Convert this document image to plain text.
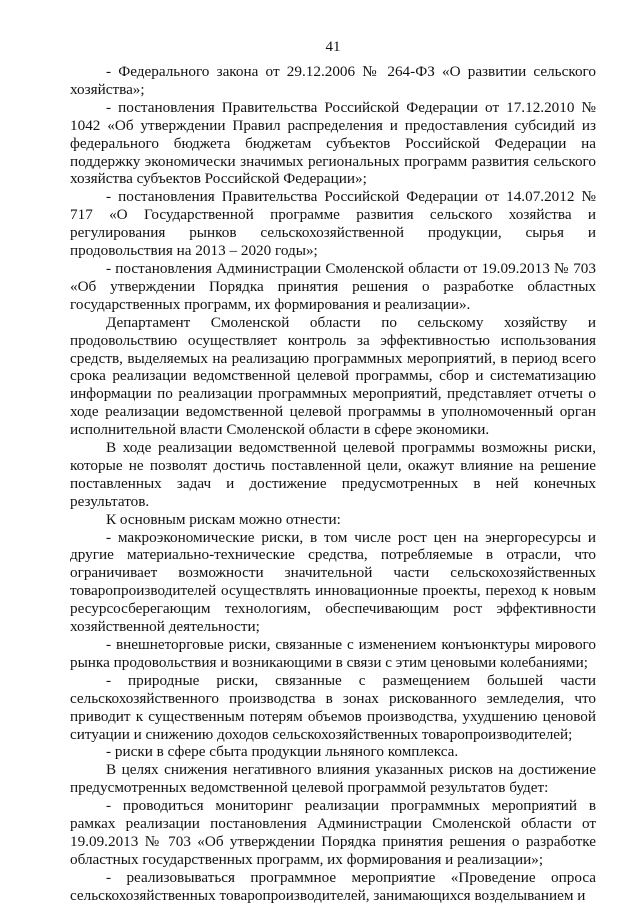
41

- Федерального закона от 29.12.2006 № 264-ФЗ «О развитии сельского хозяйства»;

- постановления Правительства Российской Федерации от 17.12.2010 № 1042 «Об утверждении Правил распределения и предоставления субсидий из федерального бюджета бюджетам субъектов Российской Федерации на поддержку экономически значимых региональных программ развития сельского хозяйства субъектов Российской Федерации»;

- постановления Правительства Российской Федерации от 14.07.2012 № 717 «О Государственной программе развития сельского хозяйства и регулирования рынков сельскохозяйственной продукции, сырья и продовольствия на 2013 – 2020 годы»;

- постановления Администрации Смоленской области от 19.09.2013 № 703 «Об утверждении Порядка принятия решения о разработке областных государственных программ, их формирования и реализации».

Департамент Смоленской области по сельскому хозяйству и продовольствию осуществляет контроль за эффективностью использования средств, выделяемых на реализацию программных мероприятий, в период всего срока реализации ведомственной целевой программы, сбор и систематизацию информации по реализации программных мероприятий, представляет отчеты о ходе реализации ведомственной целевой программы в уполномоченный орган исполнительной власти Смоленской области в сфере экономики.

В ходе реализации ведомственной целевой программы возможны риски, которые не позволят достичь поставленной цели, окажут влияние на решение поставленных задач и достижение предусмотренных в ней конечных результатов.

К основным рискам можно отнести:

- макроэкономические риски, в том числе рост цен на энергоресурсы и другие материально-технические средства, потребляемые в отрасли, что ограничивает возможности значительной части сельскохозяйственных товаропроизводителей осуществлять инновационные проекты, переход к новым ресурсосберегающим технологиям, обеспечивающим рост эффективности хозяйственной деятельности;

- внешнеторговые риски, связанные с изменением конъюнктуры мирового рынка продовольствия и возникающими в связи с этим ценовыми колебаниями;

- природные риски, связанные с размещением большей части сельскохозяйственного производства в зонах рискованного земледелия, что приводит к существенным потерям объемов производства, ухудшению ценовой ситуации и снижению доходов сельскохозяйственных товаропроизводителей;

- риски в сфере сбыта продукции льняного комплекса.

В целях снижения негативного влияния указанных рисков на достижение предусмотренных ведомственной целевой программой результатов будет:

- проводиться мониторинг реализации программных мероприятий в рамках реализации постановления Администрации Смоленской области от 19.09.2013 № 703 «Об утверждении Порядка принятия решения о разработке областных государственных программ, их формирования и реализации»;

- реализовываться программное мероприятие «Проведение опроса сельскохозяйственных товаропроизводителей, занимающихся возделыванием и
